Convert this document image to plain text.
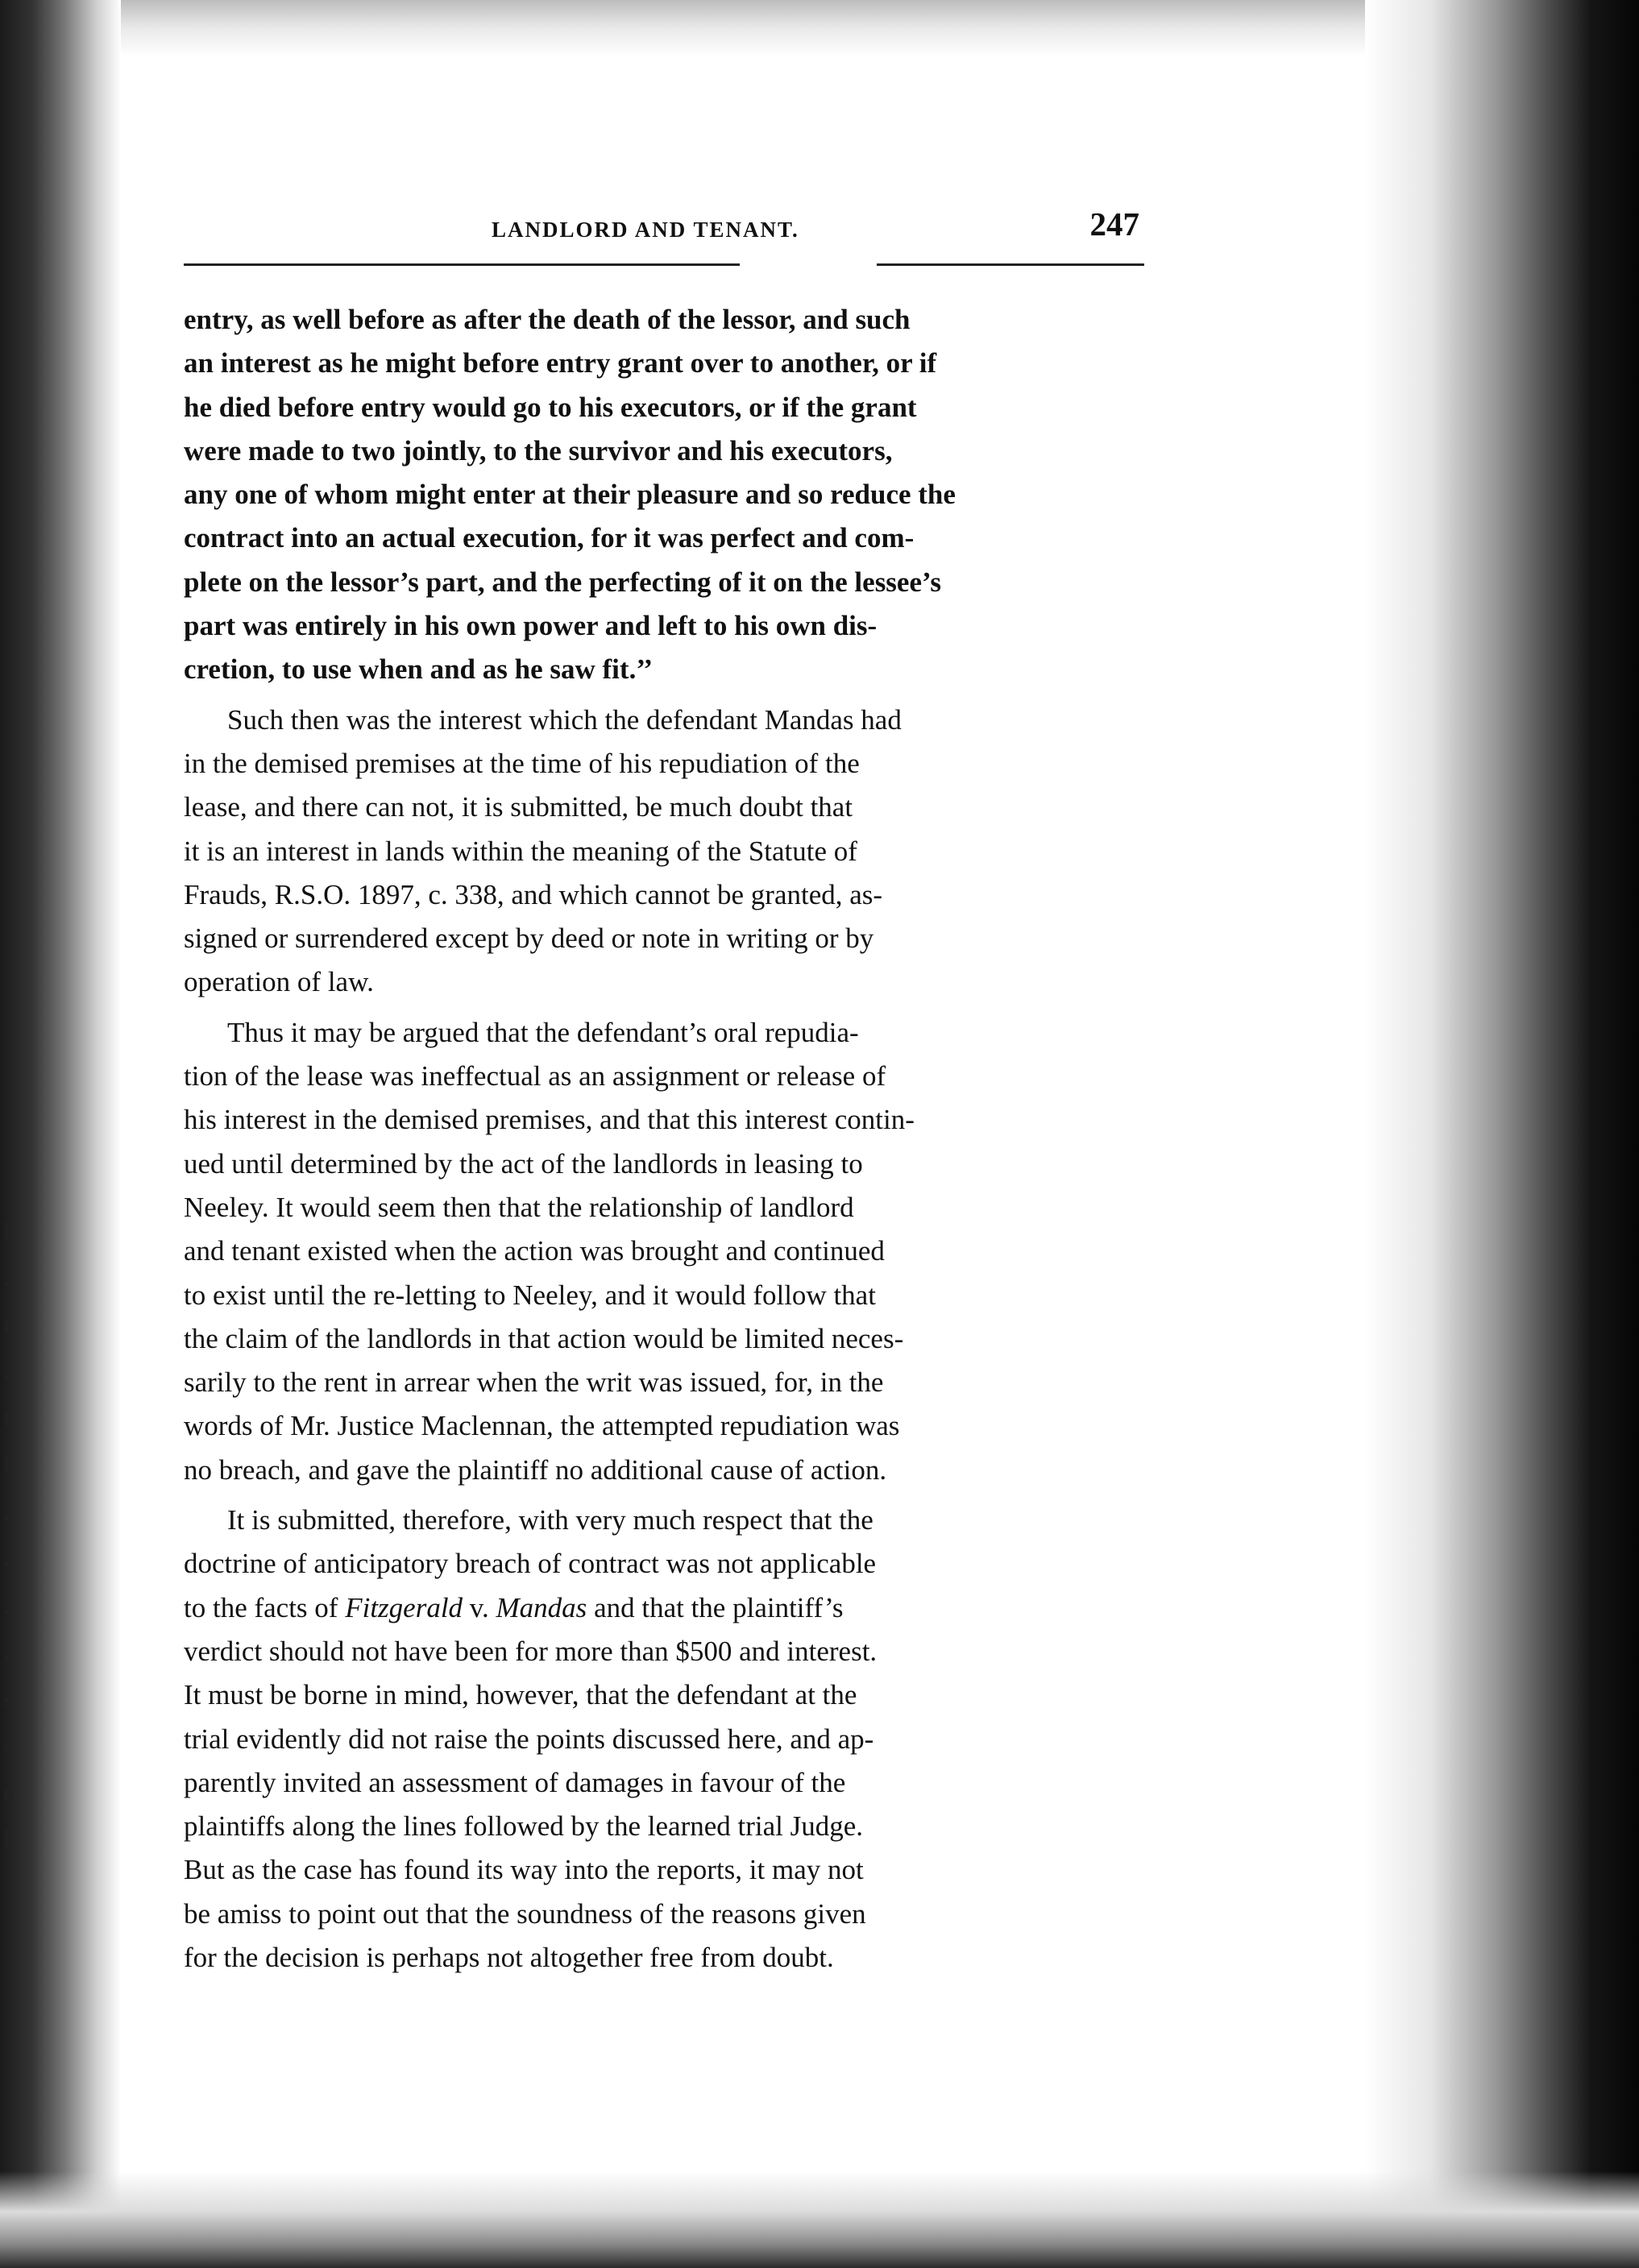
l
.
t
.
t
l
.
.
.
,
s
s
e
l
LANDLORD AND TENANT.	247

entry, as well before as after the death of the lessor, and such
an interest as he might before entry grant over to another, or if
he died before entry would go to his executors, or if the grant
were made to two jointly, to the survivor and his executors,
any one of whom might enter at their pleasure and so reduce the
contract into an actual execution, for it was perfect and com-
plete on the lessor’s part, and the perfecting of it on the lessee’s
part was entirely in his own power and left to his own dis-
cretion, to use when and as he saw fit.’’

Such then was the interest which the defendant Mandas had
in the demised premises at the time of his repudiation of the
lease, and there can not, it is submitted, be much doubt that
it is an interest in lands within the meaning of the Statute of
Frauds, R.S.O. 1897, c. 338, and which cannot be granted, as-
signed or surrendered except by deed or note in writing or by
operation of law.

Thus it may be argued that the defendant’s oral repudia-
tion of the lease was ineffectual as an assignment or release of
his interest in the demised premises, and that this interest contin-
ued until determined by the act of the landlords in leasing to
Neeley. It would seem then that the relationship of landlord
and tenant existed when the action was brought and continued
to exist until the re-letting to Neeley, and it would follow that
the claim of the landlords in that action would be limited neces-
sarily to the rent in arrear when the writ was issued, for, in the
words of Mr. Justice Maclennan, the attempted repudiation was
no breach, and gave the plaintiff no additional cause of action.

It is submitted, therefore, with very much respect that the
doctrine of anticipatory breach of contract was not applicable
to the facts of Fitzgerald v. Mandas and that the plaintiff’s
verdict should not have been for more than $500 and interest.
It must be borne in mind, however, that the defendant at the
trial evidently did not raise the points discussed here, and ap-
parently invited an assessment of damages in favour of the
plaintiffs along the lines followed by the learned trial Judge.
But as the case has found its way into the reports, it may not
be amiss to point out that the soundness of the reasons given
for the decision is perhaps not altogether free from doubt.
